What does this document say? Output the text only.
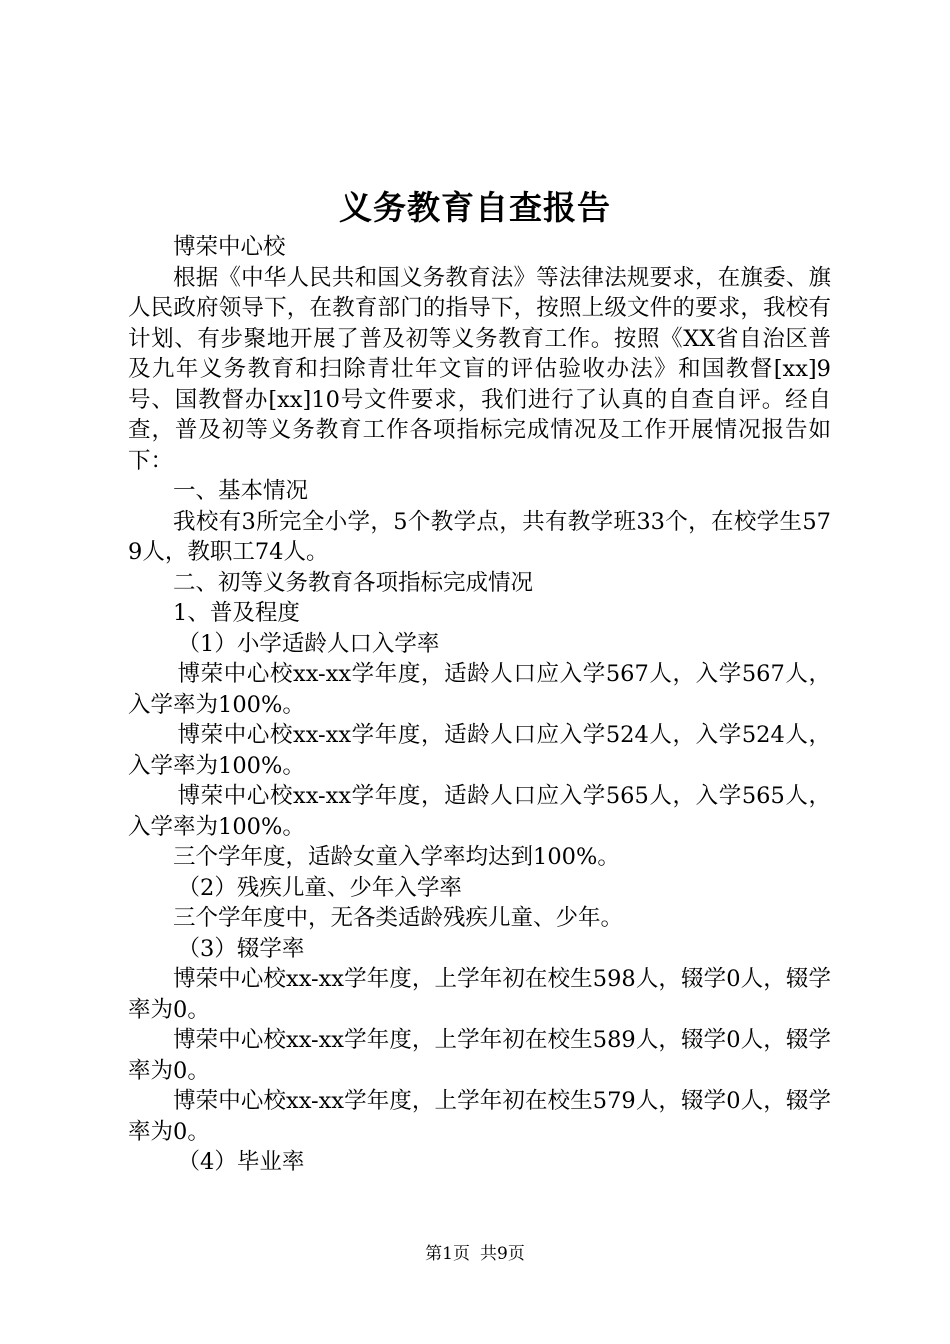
义务教育自查报告

博荣中心校

根据《中华人民共和国义务教育法》等法律法规要求，在旗委、旗人民政府领导下，在教育部门的指导下，按照上级文件的要求，我校有计划、有步聚地开展了普及初等义务教育工作。按照《XX省自治区普及九年义务教育和扫除青壮年文盲的评估验收办法》和国教督[xx]9号、国教督办[xx]10号文件要求，我们进行了认真的自查自评。经自查，普及初等义务教育工作各项指标完成情况及工作开展情况报告如下：

一、基本情况

我校有3所完全小学，5个教学点，共有教学班33个，在校学生579人，教职工74人。

二、初等义务教育各项指标完成情况

1、普及程度

（1）小学适龄人口入学率

博荣中心校xx-xx学年度，适龄人口应入学567人，入学567人，入学率为100%。

博荣中心校xx-xx学年度，适龄人口应入学524人，入学524人，入学率为100%。

博荣中心校xx-xx学年度，适龄人口应入学565人，入学565人，入学率为100%。

三个学年度，适龄女童入学率均达到100%。

（2）残疾儿童、少年入学率

三个学年度中，无各类适龄残疾儿童、少年。

（3）辍学率

博荣中心校xx-xx学年度，上学年初在校生598人，辍学0人，辍学率为0。

博荣中心校xx-xx学年度，上学年初在校生589人，辍学0人，辍学率为0。

博荣中心校xx-xx学年度，上学年初在校生579人，辍学0人，辍学率为0。

（4）毕业率

第1页 共9页
